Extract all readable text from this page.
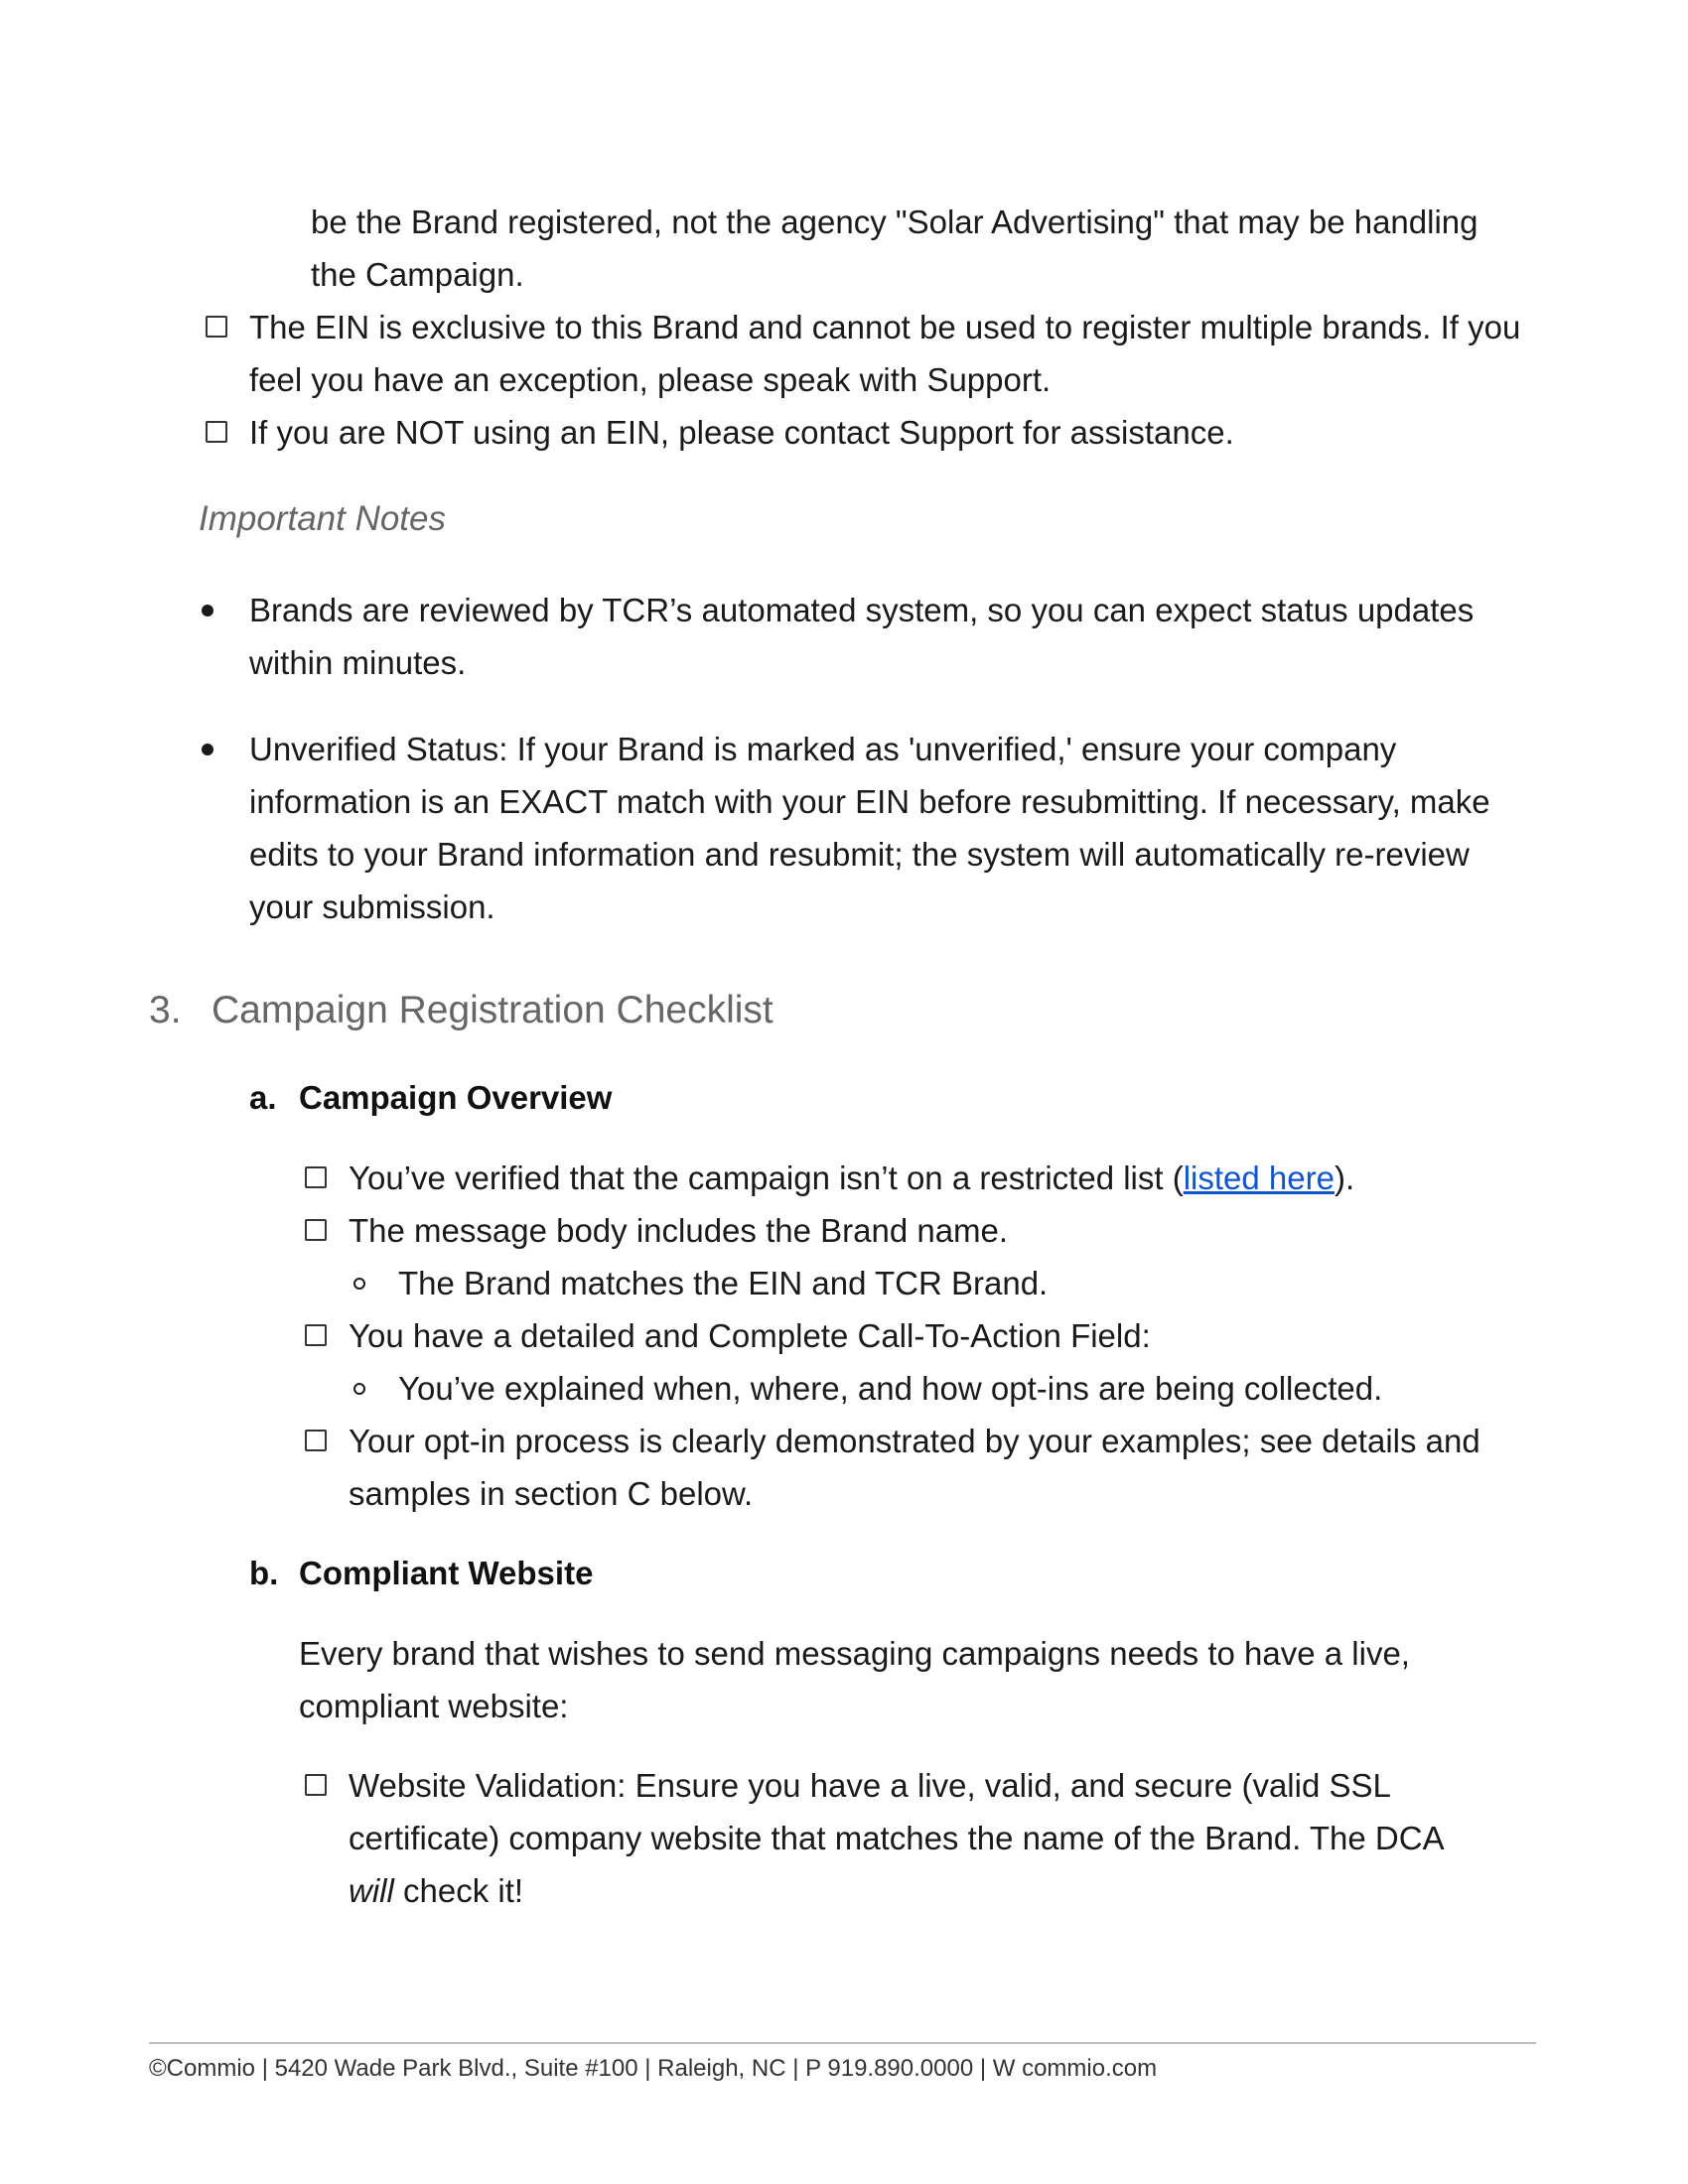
be the Brand registered, not the agency "Solar Advertising" that may be handling
the Campaign.
The EIN is exclusive to this Brand and cannot be used to register multiple brands. If you
feel you have an exception, please speak with Support.
If you are NOT using an EIN, please contact Support for assistance.
Important Notes
Brands are reviewed by TCR’s automated system, so you can expect status updates
within minutes.
Unverified Status: If your Brand is marked as 'unverified,' ensure your company
information is an EXACT match with your EIN before resubmitting. If necessary, make
edits to your Brand information and resubmit; the system will automatically re-review
your submission.
3. Campaign Registration Checklist
a. Campaign Overview
You’ve verified that the campaign isn’t on a restricted list (listed here).
The message body includes the Brand name.
The Brand matches the EIN and TCR Brand.
You have a detailed and Complete Call-To-Action Field:
You’ve explained when, where, and how opt-ins are being collected.
Your opt-in process is clearly demonstrated by your examples; see details and
samples in section C below.
b. Compliant Website
Every brand that wishes to send messaging campaigns needs to have a live,
compliant website:
Website Validation: Ensure you have a live, valid, and secure (valid SSL
certificate) company website that matches the name of the Brand. The DCA
will check it!
©Commio | 5420 Wade Park Blvd., Suite #100 | Raleigh, NC | P 919.890.0000 | W commio.com
